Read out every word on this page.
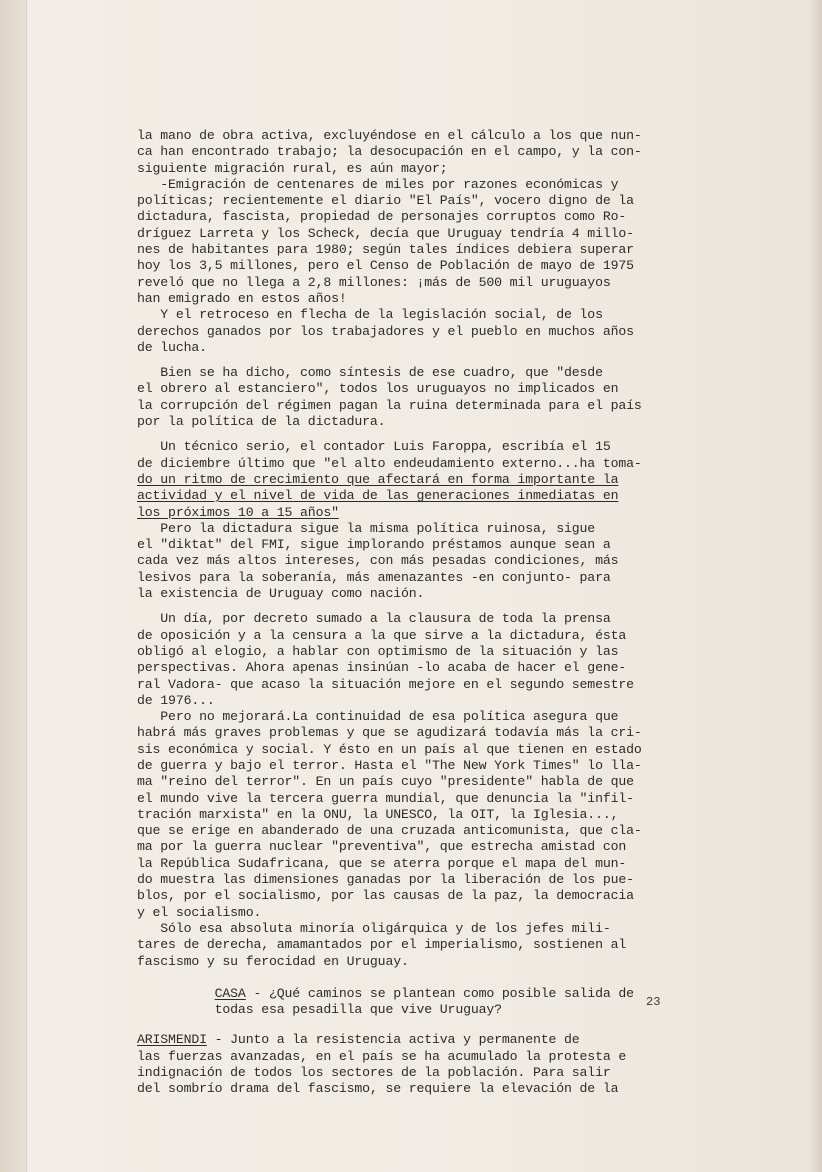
la mano de obra activa, excluyéndose en el cálculo a los que nun-

ca han encontrado trabajo; la desocupación en el campo, y la con-

siguiente migración rural, es aún mayor;

-Emigración de centenares de miles por razones económicas y

políticas; recientemente el diario "El País", vocero digno de la

dictadura, fascista, propiedad de personajes corruptos como Ro-

dríguez Larreta y los Scheck, decía que Uruguay tendría 4 millo-

nes de habitantes para 1980; según tales índices debiera superar

hoy los 3,5 millones, pero el Censo de Población de mayo de 1975

reveló que no llega a 2,8 millones: ¡más de 500 mil uruguayos

han emigrado en estos años!

Y el retroceso en flecha de la legislación social, de los

derechos ganados por los trabajadores y el pueblo en muchos años

de lucha.

Bien se ha dicho, como síntesis de ese cuadro, que "desde

el obrero al estanciero", todos los uruguayos no implicados en

la corrupción del régimen pagan la ruina determinada para el país

por la política de la dictadura.

Un técnico serio, el contador Luis Faroppa, escribía el 15

de diciembre último que "el alto endeudamiento externo...ha toma-

do un ritmo de crecimiento que afectará en forma importante la

actividad y el nivel de vida de las generaciones inmediatas en

los próximos 10 a 15 años"

Pero la dictadura sigue la misma política ruinosa, sigue

el "diktat" del FMI, sigue implorando préstamos aunque sean a

cada vez más altos intereses, con más pesadas condiciones, más

lesivos para la soberanía, más amenazantes -en conjunto- para

la existencia de Uruguay como nación.

Un día, por decreto sumado a la clausura de toda la prensa

de oposición y a la censura a la que sirve a la dictadura, ésta

obligó al elogio, a hablar con optimismo de la situación y las

perspectivas. Ahora apenas insinúan -lo acaba de hacer el gene-

ral Vadora- que acaso la situación mejore en el segundo semestre

de 1976...

Pero no mejorará.La continuidad de esa política asegura que

habrá más graves problemas y que se agudizará todavía más la cri-

sis económica y social. Y ésto en un país al que tienen en estado

de guerra y bajo el terror. Hasta el "The New York Times" lo lla-

ma "reino del terror". En un país cuyo "presidente" habla de que

el mundo vive la tercera guerra mundial, que denuncia la "infil-

tración marxista" en la ONU, la UNESCO, la OIT, la Iglesia...,

que se erige en abanderado de una cruzada anticomunista, que cla-

ma por la guerra nuclear "preventiva", que estrecha amistad con

la República Sudafricana, que se aterra porque el mapa del mun-

do muestra las dimensiones ganadas por la liberación de los pue-

blos, por el socialismo, por las causas de la paz, la democracia

y el socialismo.

Sólo esa absoluta minoría oligárquica y de los jefes mili-

tares de derecha, amamantados por el imperialismo, sostienen al

fascismo y su ferocidad en Uruguay.

CASA - ¿Qué caminos se plantean como posible salida de

todas esa pesadilla que vive Uruguay?

ARISMENDI - Junto a la resistencia activa y permanente de

las fuerzas avanzadas, en el país se ha acumulado la protesta e

indignación de todos los sectores de la población. Para salir

del sombrío drama del fascismo, se requiere la elevación de la

23
